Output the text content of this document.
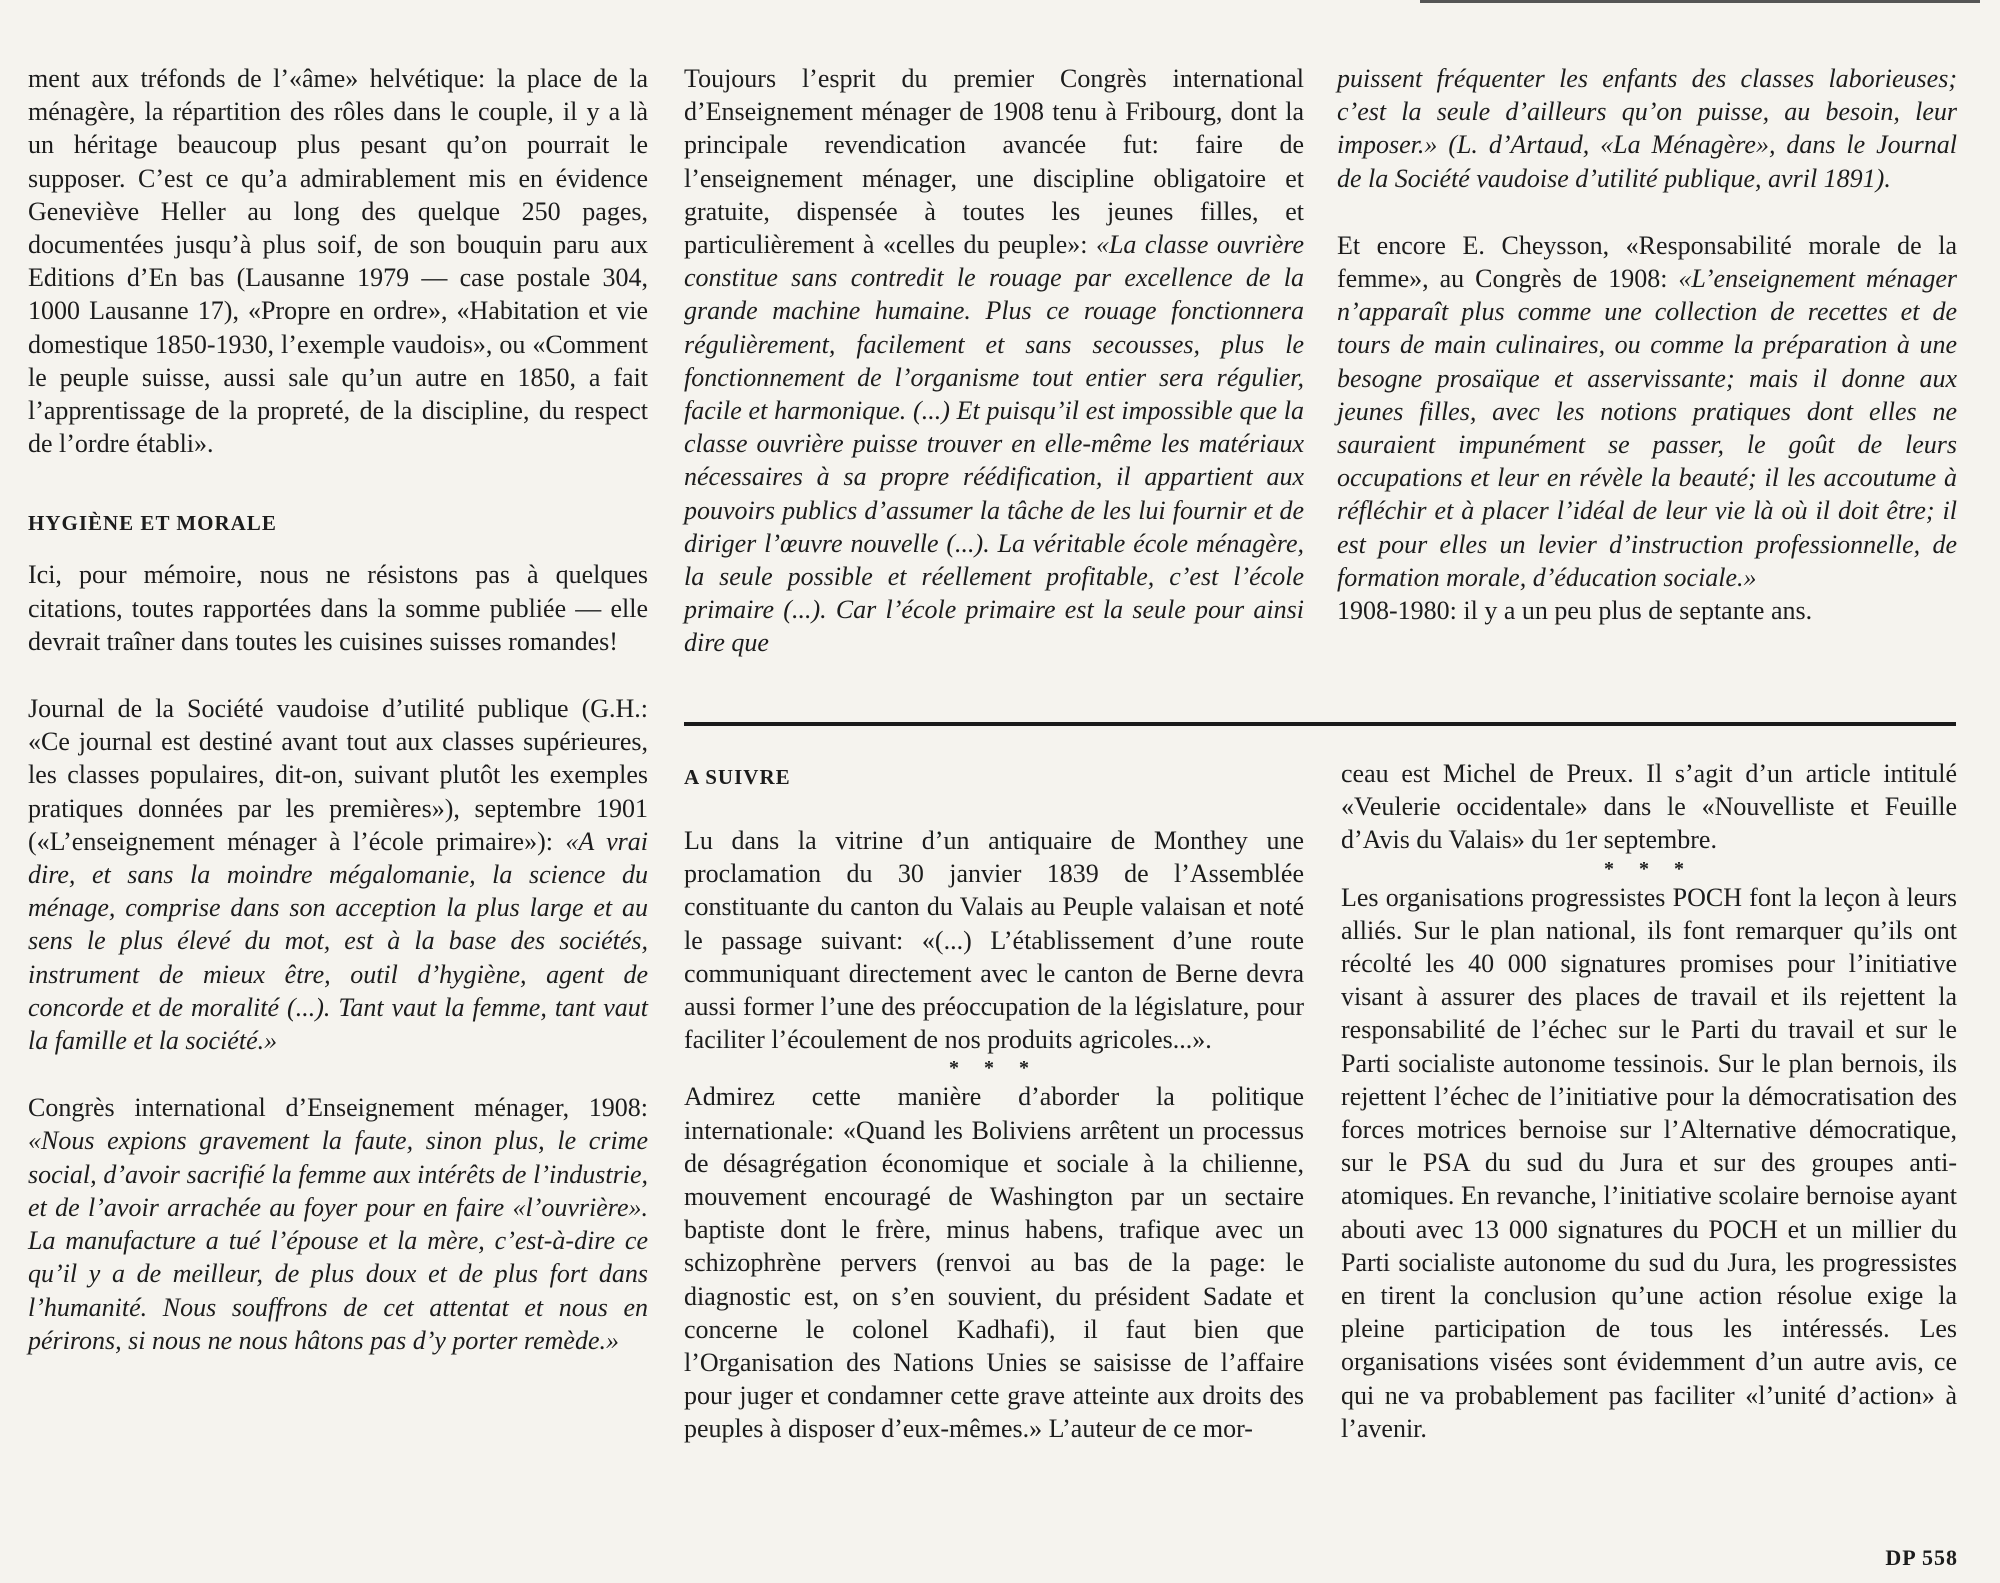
ment aux tréfonds de l’«âme» helvétique: la place de la ménagère, la répartition des rôles dans le couple, il y a là un héritage beaucoup plus pesant qu’on pourrait le supposer. C’est ce qu’a admirablement mis en évidence Geneviève Heller au long des quelque 250 pages, documentées jusqu’à plus soif, de son bouquin paru aux Editions d’En bas (Lausanne 1979 — case postale 304, 1000 Lausanne 17), «Propre en ordre», «Habitation et vie domestique 1850-1930, l’exemple vaudois», ou «Comment le peuple suisse, aussi sale qu’un autre en 1850, a fait l’apprentissage de la propreté, de la discipline, du respect de l’ordre établi».

HYGIÈNE ET MORALE

Ici, pour mémoire, nous ne résistons pas à quelques citations, toutes rapportées dans la somme publiée — elle devrait traîner dans toutes les cuisines suisses romandes!

Journal de la Société vaudoise d’utilité publique (G.H.: «Ce journal est destiné avant tout aux classes supérieures, les classes populaires, dit-on, suivant plutôt les exemples pratiques données par les premières»), septembre 1901 («L’enseignement ménager à l’école primaire»): «A vrai dire, et sans la moindre mégalomanie, la science du ménage, comprise dans son acception la plus large et au sens le plus élevé du mot, est à la base des sociétés, instrument de mieux être, outil d’hygiène, agent de concorde et de moralité (...). Tant vaut la femme, tant vaut la famille et la société.»

Congrès international d’Enseignement ménager, 1908: «Nous expions gravement la faute, sinon plus, le crime social, d’avoir sacrifié la femme aux intérêts de l’industrie, et de l’avoir arrachée au foyer pour en faire «l’ouvrière». La manufacture a tué l’épouse et la mère, c’est-à-dire ce qu’il y a de meilleur, de plus doux et de plus fort dans l’humanité. Nous souffrons de cet attentat et nous en périrons, si nous ne nous hâtons pas d’y porter remède.»

Toujours l’esprit du premier Congrès international d’Enseignement ménager de 1908 tenu à Fribourg, dont la principale revendication avancée fut: faire de l’enseignement ménager, une discipline obligatoire et gratuite, dispensée à toutes les jeunes filles, et particulièrement à «celles du peuple»: «La classe ouvrière constitue sans contredit le rouage par excellence de la grande machine humaine. Plus ce rouage fonctionnera régulièrement, facilement et sans secousses, plus le fonctionnement de l’organisme tout entier sera régulier, facile et harmonique. (...) Et puisqu’il est impossible que la classe ouvrière puisse trouver en elle-même les matériaux nécessaires à sa propre réédification, il appartient aux pouvoirs publics d’assumer la tâche de les lui fournir et de diriger l’œuvre nouvelle (...). La véritable école ménagère, la seule possible et réellement profitable, c’est l’école primaire (...). Car l’école primaire est la seule pour ainsi dire que

puissent fréquenter les enfants des classes laborieuses; c’est la seule d’ailleurs qu’on puisse, au besoin, leur imposer.» (L. d’Artaud, «La Ménagère», dans le Journal de la Société vaudoise d’utilité publique, avril 1891).

Et encore E. Cheysson, «Responsabilité morale de la femme», au Congrès de 1908: «L’enseignement ménager n’apparaît plus comme une collection de recettes et de tours de main culinaires, ou comme la préparation à une besogne prosaïque et asservissante; mais il donne aux jeunes filles, avec les notions pratiques dont elles ne sauraient impunément se passer, le goût de leurs occupations et leur en révèle la beauté; il les accoutume à réfléchir et à placer l’idéal de leur vie là où il doit être; il est pour elles un levier d’instruction professionnelle, de formation morale, d’éducation sociale.»

1908-1980: il y a un peu plus de septante ans.

A SUIVRE

Lu dans la vitrine d’un antiquaire de Monthey une proclamation du 30 janvier 1839 de l’Assemblée constituante du canton du Valais au Peuple valaisan et noté le passage suivant: «(...) L’établissement d’une route communiquant directement avec le canton de Berne devra aussi former l’une des préoccupation de la législature, pour faciliter l’écoulement de nos produits agricoles...».

* * *

Admirez cette manière d’aborder la politique internationale: «Quand les Boliviens arrêtent un processus de désagrégation économique et sociale à la chilienne, mouvement encouragé de Washington par un sectaire baptiste dont le frère, minus habens, trafique avec un schizophrène pervers (renvoi au bas de la page: le diagnostic est, on s’en souvient, du président Sadate et concerne le colonel Kadhafi), il faut bien que l’Organisation des Nations Unies se saisisse de l’affaire pour juger et condamner cette grave atteinte aux droits des peuples à disposer d’eux-mêmes.» L’auteur de ce mor-

ceau est Michel de Preux. Il s’agit d’un article intitulé «Veulerie occidentale» dans le «Nouvelliste et Feuille d’Avis du Valais» du 1er septembre.

* * *

Les organisations progressistes POCH font la leçon à leurs alliés. Sur le plan national, ils font remarquer qu’ils ont récolté les 40 000 signatures promises pour l’initiative visant à assurer des places de travail et ils rejettent la responsabilité de l’échec sur le Parti du travail et sur le Parti socialiste autonome tessinois. Sur le plan bernois, ils rejettent l’échec de l’initiative pour la démocratisation des forces motrices bernoise sur l’Alternative démocratique, sur le PSA du sud du Jura et sur des groupes anti-atomiques. En revanche, l’initiative scolaire bernoise ayant abouti avec 13 000 signatures du POCH et un millier du Parti socialiste autonome du sud du Jura, les progressistes en tirent la conclusion qu’une action résolue exige la pleine participation de tous les intéressés. Les organisations visées sont évidemment d’un autre avis, ce qui ne va probablement pas faciliter «l’unité d’action» à l’avenir.

DP 558
